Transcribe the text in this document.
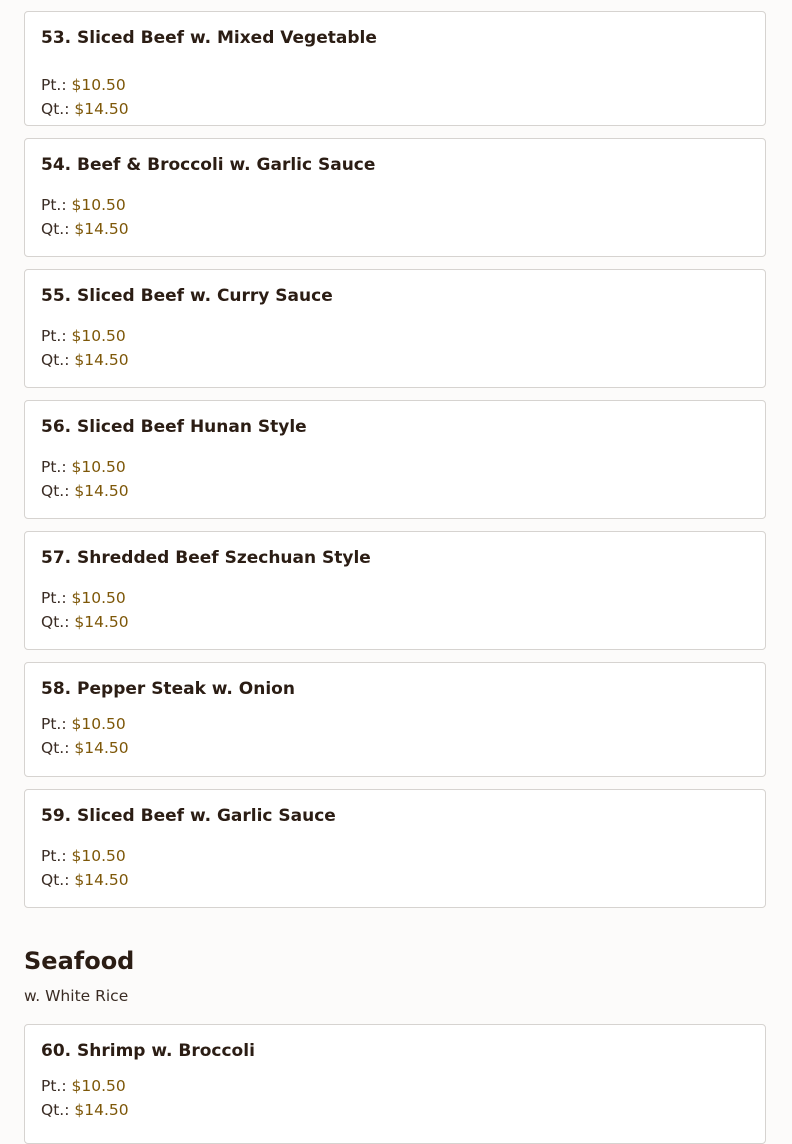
53. Sliced Beef w. Mixed Vegetable
Pt.: $10.50
Qt.: $14.50
54. Beef & Broccoli w. Garlic Sauce
Pt.: $10.50
Qt.: $14.50
55. Sliced Beef w. Curry Sauce
Pt.: $10.50
Qt.: $14.50
56. Sliced Beef Hunan Style
Pt.: $10.50
Qt.: $14.50
57. Shredded Beef Szechuan Style
Pt.: $10.50
Qt.: $14.50
58. Pepper Steak w. Onion
Pt.: $10.50
Qt.: $14.50
59. Sliced Beef w. Garlic Sauce
Pt.: $10.50
Qt.: $14.50
Seafood
w. White Rice
60. Shrimp w. Broccoli
Pt.: $10.50
Qt.: $14.50
